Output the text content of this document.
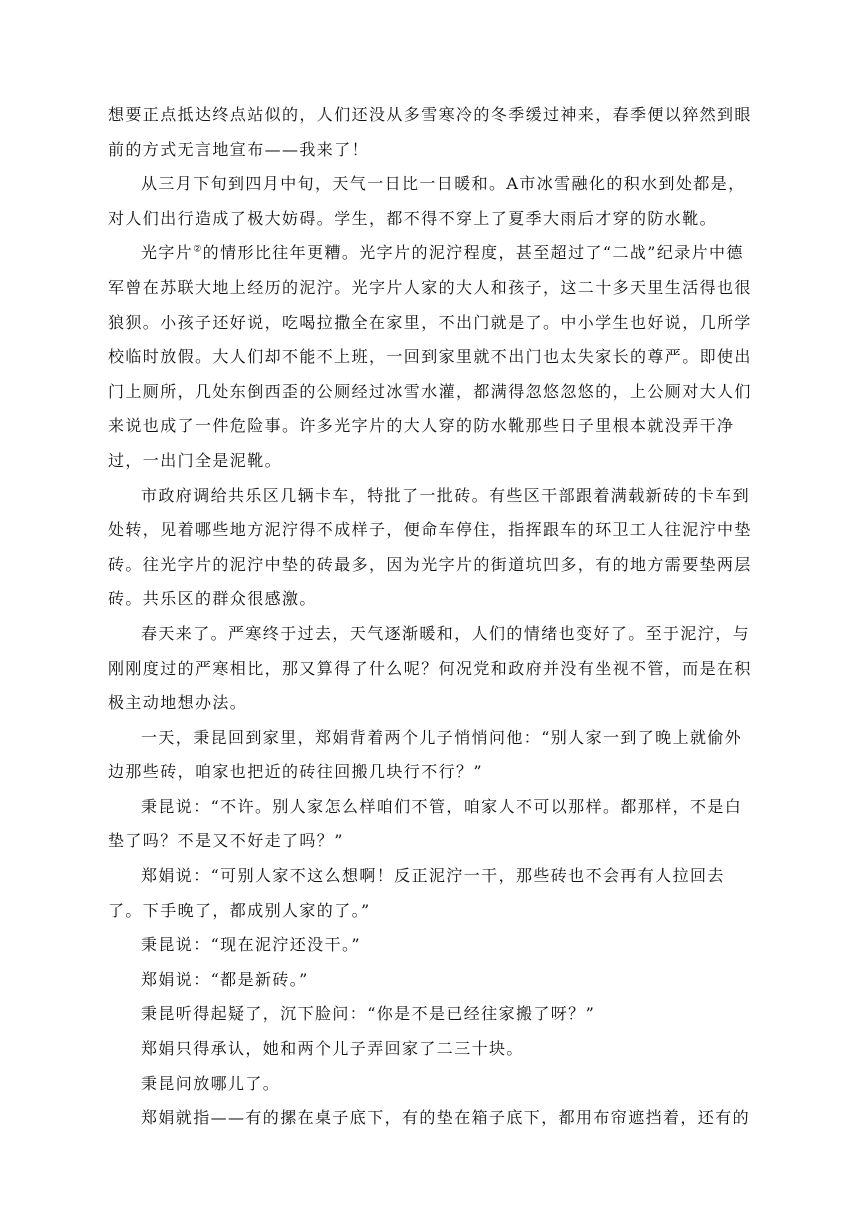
想要正点抵达终点站似的，人们还没从多雪寒冷的冬季缓过神来，春季便以猝然到眼
前的方式无言地宣布——我来了！
从三月下旬到四月中旬，天气一日比一日暖和。A市冰雪融化的积水到处都是，
对人们出行造成了极大妨碍。学生，都不得不穿上了夏季大雨后才穿的防水靴。
光字片②的情形比往年更糟。光字片的泥泞程度，甚至超过了“二战”纪录片中德
军曾在苏联大地上经历的泥泞。光字片人家的大人和孩子，这二十多天里生活得也很
狼狈。小孩子还好说，吃喝拉撒全在家里，不出门就是了。中小学生也好说，几所学
校临时放假。大人们却不能不上班，一回到家里就不出门也太失家长的尊严。即使出
门上厕所，几处东倒西歪的公厕经过冰雪水灌，都满得忽悠忽悠的，上公厕对大人们
来说也成了一件危险事。许多光字片的大人穿的防水靴那些日子里根本就没弄干净
过，一出门全是泥靴。
市政府调给共乐区几辆卡车，特批了一批砖。有些区干部跟着满载新砖的卡车到
处转，见着哪些地方泥泞得不成样子，便命车停住，指挥跟车的环卫工人往泥泞中垫
砖。往光字片的泥泞中垫的砖最多，因为光字片的街道坑凹多，有的地方需要垫两层
砖。共乐区的群众很感激。
春天来了。严寒终于过去，天气逐渐暖和，人们的情绪也变好了。至于泥泞，与
刚刚度过的严寒相比，那又算得了什么呢？何况党和政府并没有坐视不管，而是在积
极主动地想办法。
一天，秉昆回到家里，郑娟背着两个儿子悄悄问他：“别人家一到了晚上就偷外
边那些砖，咱家也把近的砖往回搬几块行不行？”
秉昆说：“不许。别人家怎么样咱们不管，咱家人不可以那样。都那样，不是白
垫了吗？不是又不好走了吗？”
郑娟说：“可别人家不这么想啊！反正泥泞一干，那些砖也不会再有人拉回去
了。下手晚了，都成别人家的了。”
秉昆说：“现在泥泞还没干。”
郑娟说：“都是新砖。”
秉昆听得起疑了，沉下脸问：“你是不是已经往家搬了呀？”
郑娟只得承认，她和两个儿子弄回家了二三十块。
秉昆问放哪儿了。
郑娟就指——有的摞在桌子底下，有的垫在箱子底下，都用布帘遮挡着，还有的
